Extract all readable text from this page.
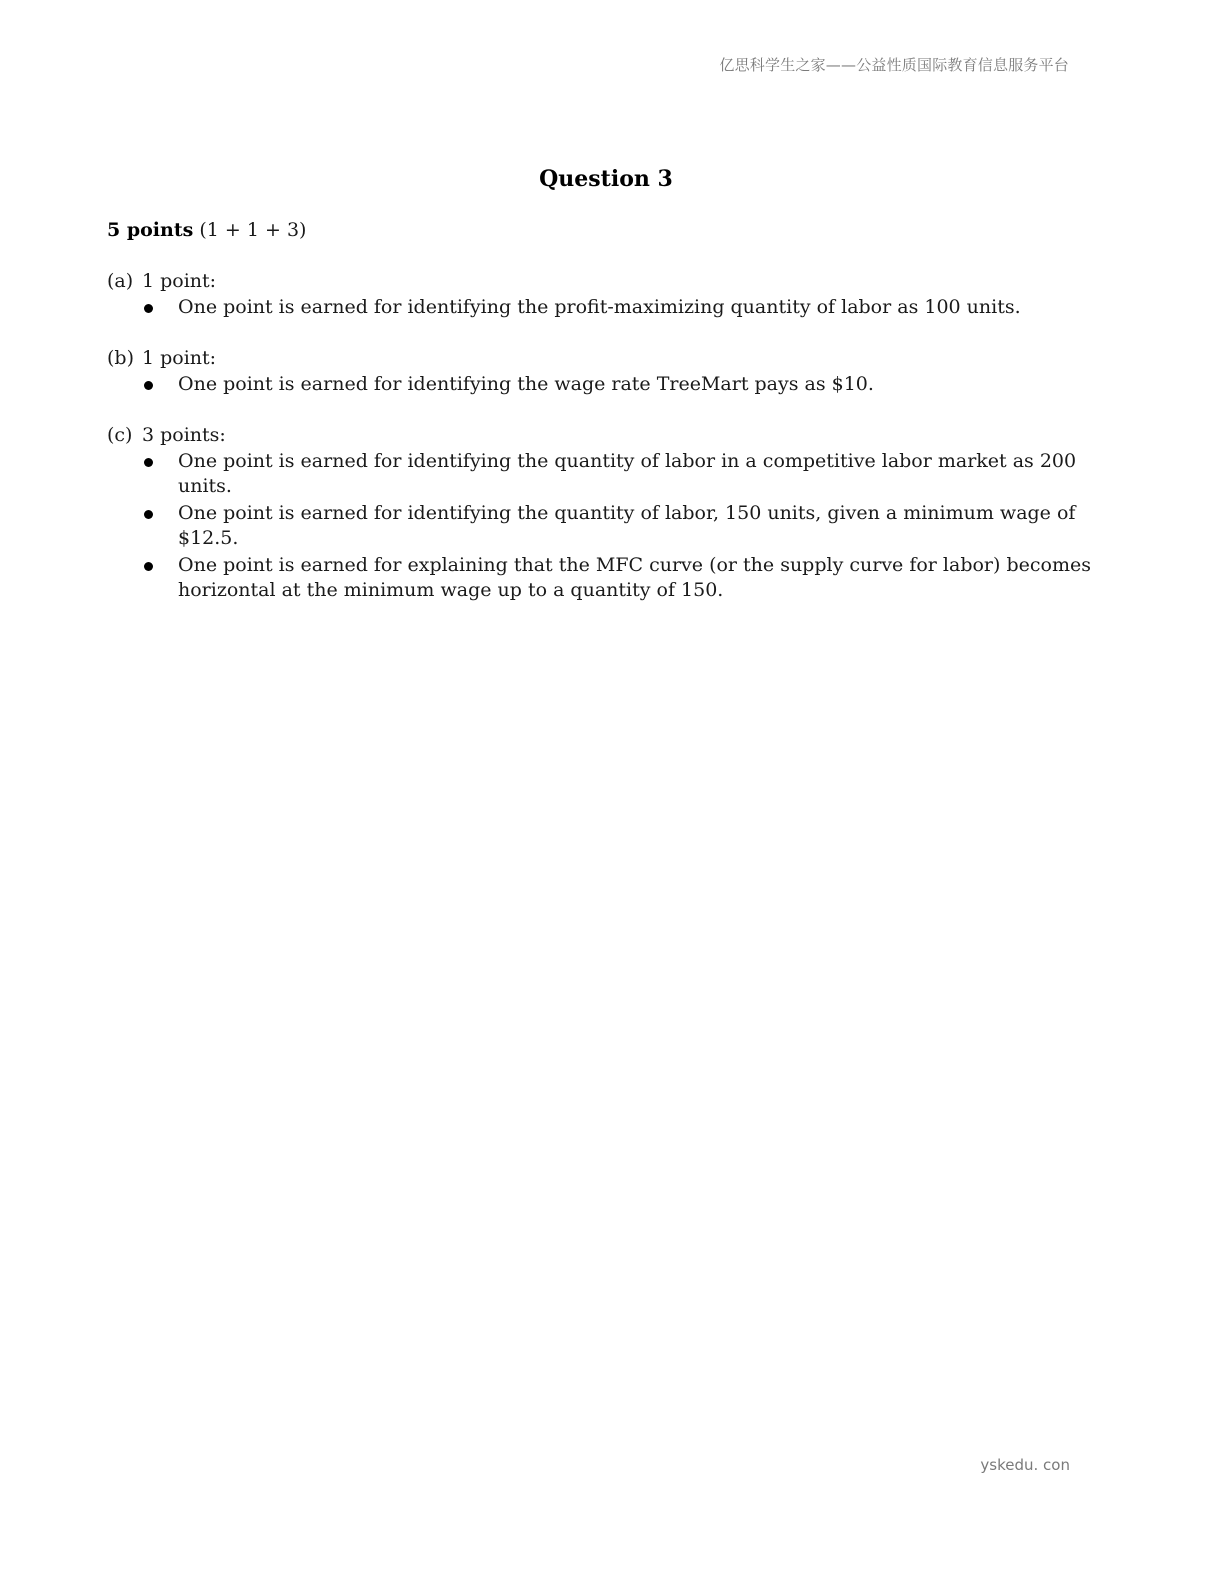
亿思科学生之家——公益性质国际教育信息服务平台
Question 3
5 points (1 + 1 + 3)
(a) 1 point:
One point is earned for identifying the profit-maximizing quantity of labor as 100 units.
(b) 1 point:
One point is earned for identifying the wage rate TreeMart pays as $10.
(c) 3 points:
One point is earned for identifying the quantity of labor in a competitive labor market as 200 units.
One point is earned for identifying the quantity of labor, 150 units, given a minimum wage of $12.5.
One point is earned for explaining that the MFC curve (or the supply curve for labor) becomes horizontal at the minimum wage up to a quantity of 150.
yskedu. con
